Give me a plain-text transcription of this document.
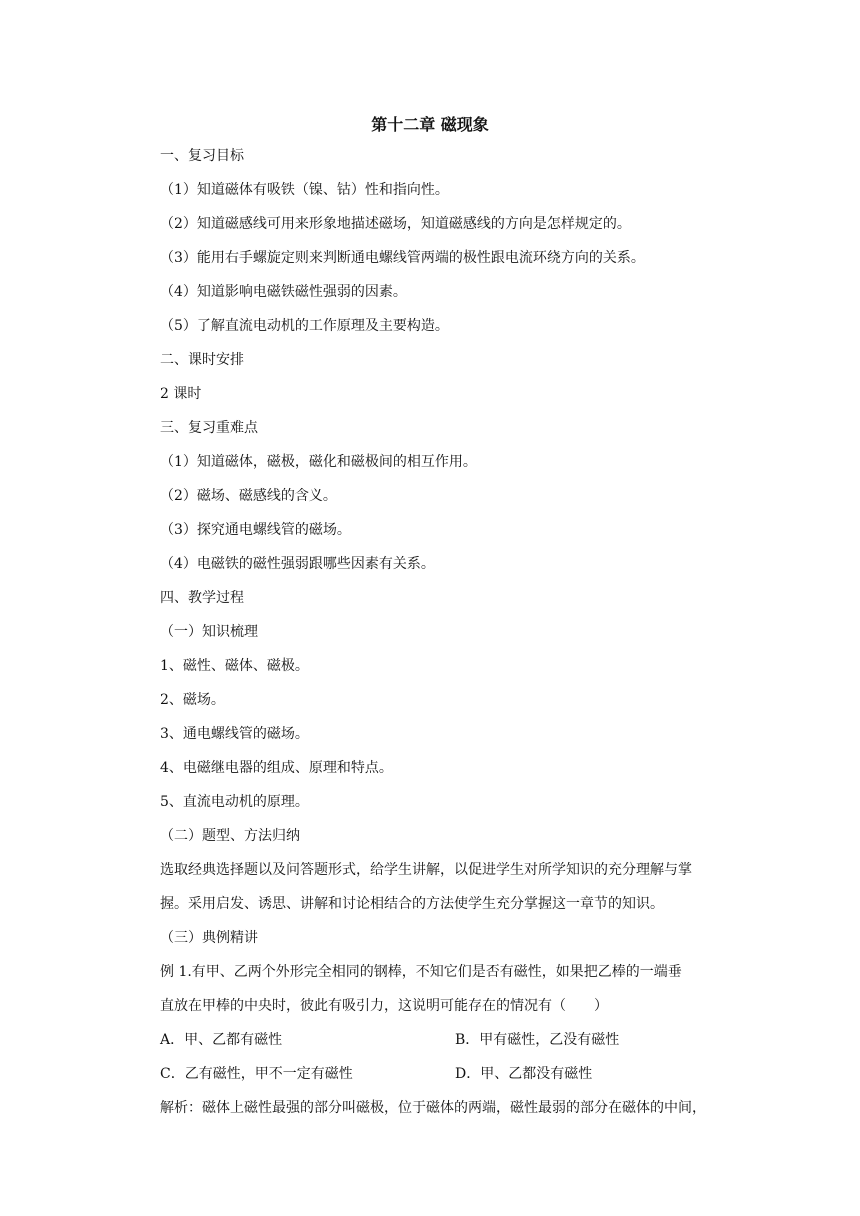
第十二章 磁现象
一、复习目标
（1）知道磁体有吸铁（镍、钴）性和指向性。
（2）知道磁感线可用来形象地描述磁场，知道磁感线的方向是怎样规定的。
（3）能用右手螺旋定则来判断通电螺线管两端的极性跟电流环绕方向的关系。
（4）知道影响电磁铁磁性强弱的因素。
（5）了解直流电动机的工作原理及主要构造。
二、课时安排
2 课时
三、复习重难点
（1）知道磁体，磁极，磁化和磁极间的相互作用。
（2）磁场、磁感线的含义。
（3）探究通电螺线管的磁场。
（4）电磁铁的磁性强弱跟哪些因素有关系。
四、教学过程
（一）知识梳理
1、磁性、磁体、磁极。
2、磁场。
3、通电螺线管的磁场。
4、电磁继电器的组成、原理和特点。
5、直流电动机的原理。
（二）题型、方法归纳
选取经典选择题以及问答题形式，给学生讲解，以促进学生对所学知识的充分理解与掌
握。采用启发、诱思、讲解和讨论相结合的方法使学生充分掌握这一章节的知识。
（三）典例精讲
例 1.有甲、乙两个外形完全相同的钢棒，不知它们是否有磁性，如果把乙棒的一端垂
直放在甲棒的中央时，彼此有吸引力，这说明可能存在的情况有（　　）
A．甲、乙都有磁性	B．甲有磁性，乙没有磁性
C．乙有磁性，甲不一定有磁性	D．甲、乙都没有磁性
解析：磁体上磁性最强的部分叫磁极，位于磁体的两端，磁性最弱的部分在磁体的中间，
